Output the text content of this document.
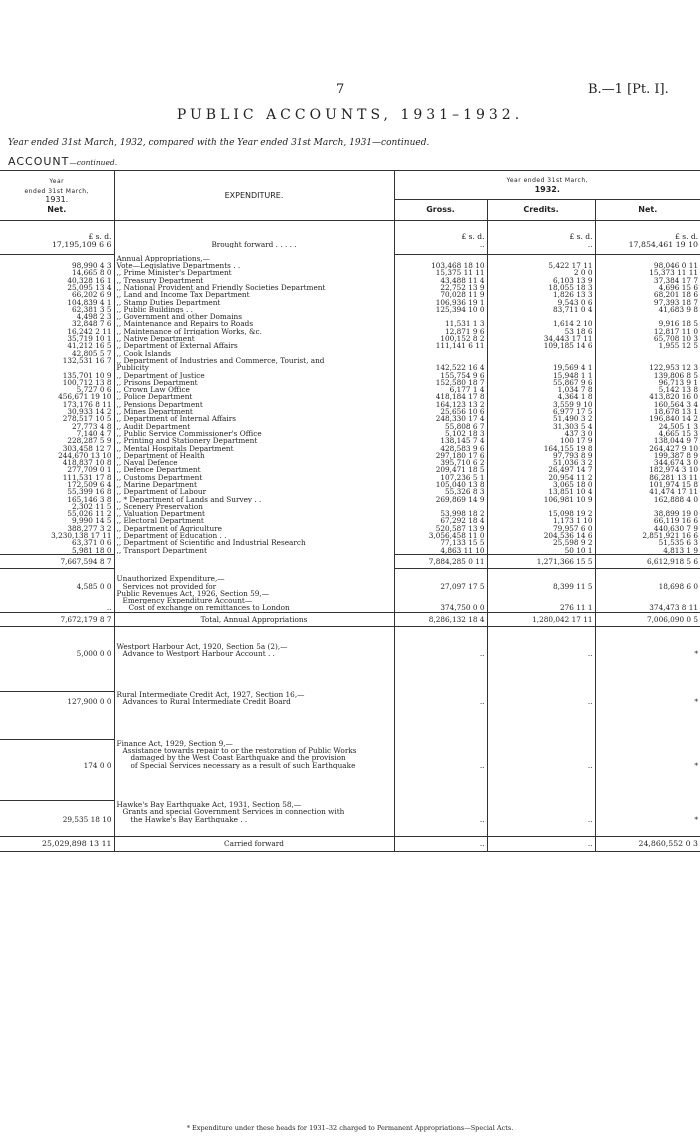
7	B.—1 [Pt. I].
PUBLIC ACCOUNTS, 1931–1932.
Year ended 31st March, 1932, compared with the Year ended 31st March, 1931—continued.
ACCOUNT—continued.
Year
ended 31st March,
1931.
Net.	EXPENDITURE.	Year ended 31st March,
1932.		
		Gross.	Credits.	Net.
£ s. d.		£ s. d.	£ s. d.	£ s. d.
17,195,109 6 6	Brought forward . . . . .	..	..	17,854,461 19 10

	Annual Appropriations,—			
98,990 4 3	Vote—Legislative Departments . .	103,468 18 10	5,422 17 11	98,046 0 11
14,665 8 0	,, Prime Minister's Department	15,375 11 11	2 0 0	15,373 11 11
40,328 16 1	,, Treasury Department	43,488 11 4	6,103 13 9	37,384 17 7
25,095 13 4	,, National Provident and Friendly Societies Department	22,752 13 9	18,055 18 3	4,696 15 6
66,202 6 9	,, Land and Income Tax Department	70,028 11 9	1,826 13 3	68,201 18 6
104,839 4 1	,, Stamp Duties Department	106,936 19 1	9,543 0 6	97,393 18 7
62,381 3 5	,, Public Buildings . .	125,394 10 0	83,711 0 4	41,683 9 8
4,498 2 3	,, Government and other Domains			
32,848 7 6	,, Maintenance and Repairs to Roads	11,531 1 3	1,614 2 10	9,916 18 5
16,242 2 11	,, Maintenance of Irrigation Works, &c.	12,871 9 6	53 18 6	12,817 11 0
35,719 10 1	,, Native Department	100,152 8 2	34,443 17 11	65,708 10 3
41,212 16 5	,, Department of External Affairs	111,141 6 11	109,185 14 6	1,955 12 5
42,805 5 7	,, Cook Islands			
132,531 16 7	,, Department of Industries and Commerce, Tourist, and			
	Publicity	142,522 16 4	19,569 4 1	122,953 12 3
135,701 10 9	,, Department of Justice	155,754 9 6	15,948 1 1	139,806 8 5
100,712 13 8	,, Prisons Department	152,580 18 7	55,867 9 6	96,713 9 1
5,727 0 6	,, Crown Law Office	6,177 1 4	1,034 7 8	5,142 13 8
456,671 19 10	,, Police Department	418,184 17 8	4,364 1 8	413,820 16 0
173,176 8 11	,, Pensions Department	164,123 13 2	3,559 9 10	160,564 3 4
30,933 14 2	,, Mines Department	25,656 10 6	6,977 17 5	18,678 13 1
278,517 10 5	,, Department of Internal Affairs	248,330 17 4	51,490 3 2	196,840 14 2
27,773 4 8	,, Audit Department	55,808 6 7	31,303 5 4	24,505 1 3
7,140 4 7	,, Public Service Commissioner's Office	5,102 18 3	437 3 0	4,665 15 3
228,287 5 9	,, Printing and Stationery Department	138,145 7 4	100 17 9	138,044 9 7
303,458 12 7	,, Mental Hospitals Department	428,583 9 6	164,155 19 8	264,427 9 10
244,670 13 10	,, Department of Health	297,180 17 6	97,793 8 9	199,387 8 9
418,837 10 8	,, Naval Defence	395,710 6 2	51,036 3 2	344,674 3 0
277,709 0 1	,, Defence Department	209,471 18 5	26,497 14 7	182,974 3 10
111,531 17 8	,, Customs Department	107,236 5 1	20,954 11 2	86,281 13 11
172,509 6 4	,, Marine Department	105,040 13 8	3,065 18 0	101,974 15 8
55,399 16 8	,, Department of Labour	55,326 8 3	13,851 10 4	41,474 17 11
165,146 3 8	,, * Department of Lands and Survey . .	269,869 14 9	106,981 10 9	162,888 4 0
2,302 11 5	,, Scenery Preservation			
55,026 11 2	,, Valuation Department	53,998 18 2	15,098 19 2	38,899 19 0
9,990 14 5	,, Electoral Department	67,292 18 4	1,173 1 10	66,119 16 6
388,277 3 2	,, Department of Agriculture	520,587 13 9	79,957 6 0	440,630 7 9
3,230,138 17 11	,, Department of Education . .	3,056,458 11 0	204,536 14 6	2,851,921 16 6
63,371 0 6	,, Department of Scientific and Industrial Research	77,133 15 5	25,598 9 2	51,535 6 3
5,981 18 0	,, Transport Department	4,863 11 10	50 10 1	4,813 1 9
7,667,594 8 7		7,884,285 0 11	1,271,366 15 5	6,612,918 5 6

	Unauthorized Expenditure,—			
4,585 0 0	Services not provided for	27,097 17 5	8,399 11 5	18,698 6 0
	Public Revenues Act, 1926, Section 59,—			
	Emergency Expenditure Account—			
..	Cost of exchange on remittances to London	374,750 0 0	276 11 1	374,473 8 11
7,672,179 8 7	Total, Annual Appropriations	8,286,132 18 4	1,280,042 17 11	7,006,090 0 5

	Westport Harbour Act, 1920, Section 5a (2),—			
5,000 0 0	Advance to Westport Harbour Account . .	..	..	*

	Rural Intermediate Credit Act, 1927, Section 16,—			
127,900 0 0	Advances to Rural Intermediate Credit Board	..	..	*

	Finance Act, 1929, Section 9,—			
	Assistance towards repair to or the restoration of Public Works			
	damaged by the West Coast Earthquake and the provision			
174 0 0	of Special Services necessary as a result of such Earthquake	..	..	*

	Hawke's Bay Earthquake Act, 1931, Section 58,—			
	Grants and special Government Services in connection with			
29,535 18 10	the Hawke's Bay Earthquake . .	..	..	*

25,029,898 13 11	Carried forward	..	..	24,860,552 0 3
* Expenditure under these heads for 1931–32 charged to Permanent Appropriations—Special Acts.
